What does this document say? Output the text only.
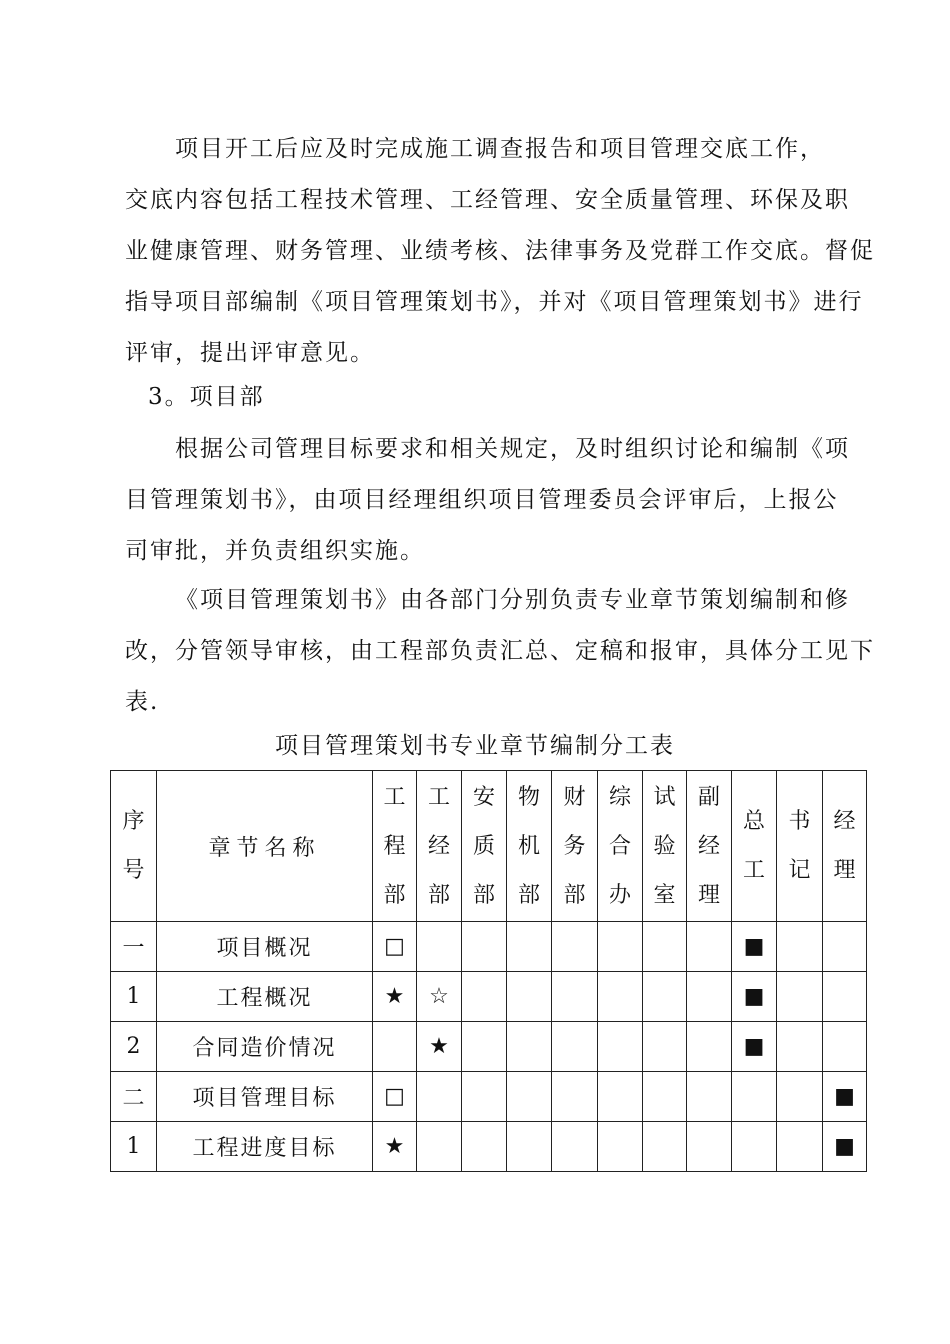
项目开工后应及时完成施工调查报告和项目管理交底工作，
交底内容包括工程技术管理、工经管理、安全质量管理、环保及职
业健康管理、财务管理、业绩考核、法律事务及党群工作交底。督促
指导项目部编制《项目管理策划书》，并对《项目管理策划书》进行
评审，提出评审意见。

3。项目部

根据公司管理目标要求和相关规定，及时组织讨论和编制《项
目管理策划书》，由项目经理组织项目管理委员会评审后，上报公
司审批，并负责组织实施。
《项目管理策划书》由各部门分别负责专业章节策划编制和修
改，分管领导审核，由工程部负责汇总、定稿和报审，具体分工见下
表.

项目管理策划书专业章节编制分工表

序号	章节名称	工程部	工经部	安质部	物机部	财务部	综合办	试验室	副经理	总工	书记	经理
一	项目概况	□								■		
1	工程概况	★	☆							■		
2	合同造价情况		★							■		
二	项目管理目标	□										■
1	工程进度目标	★										■
